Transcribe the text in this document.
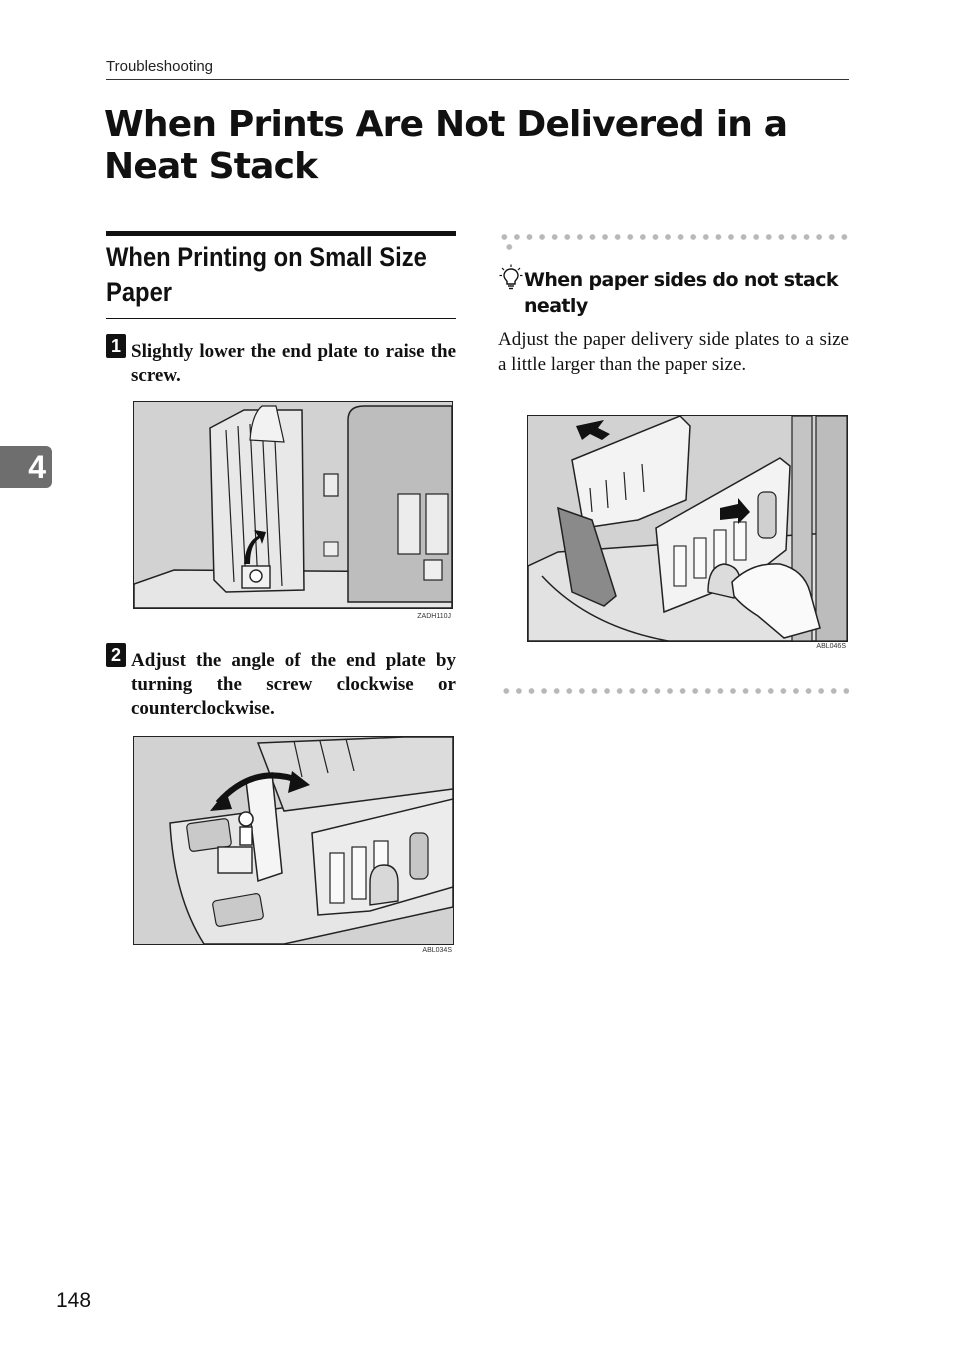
Troubleshooting
When Prints Are Not Delivered in a Neat Stack
4
When Printing on Small Size Paper
1 Slightly lower the end plate to raise the screw.
ZADH110J
2 Adjust the angle of the end plate by turning the screw clockwise or counterclockwise.
ABL034S
When paper sides do not stack neatly
Adjust the paper delivery side plates to a size a little larger than the paper size.
ABL046S
148
